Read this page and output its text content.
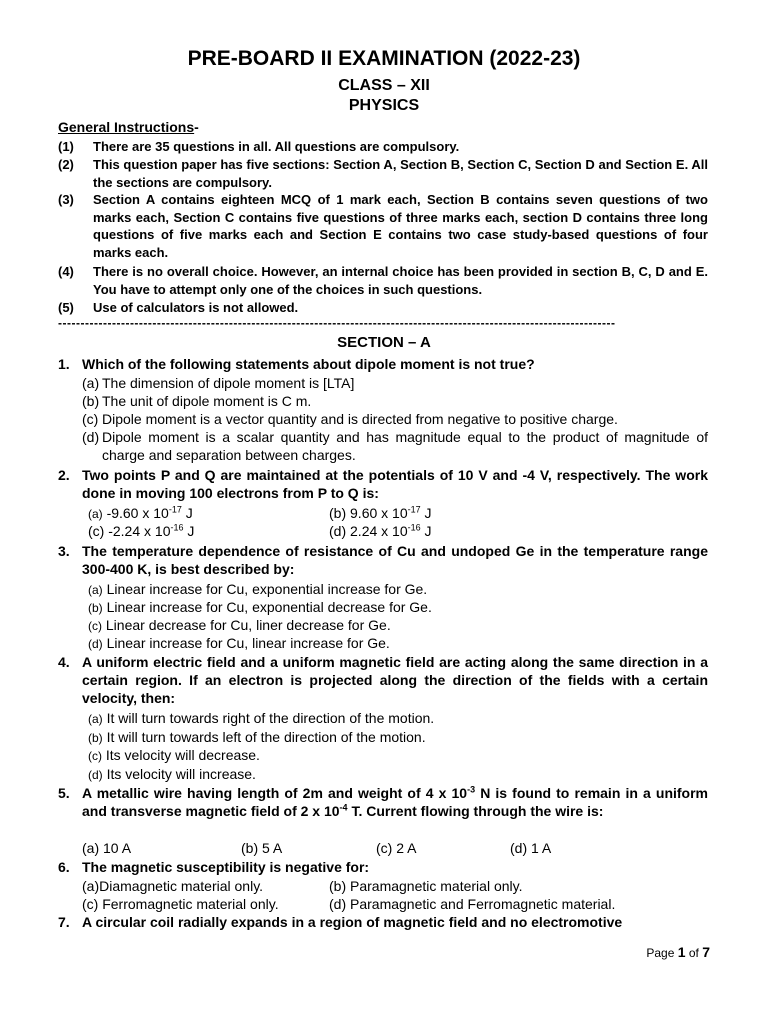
PRE-BOARD II EXAMINATION (2022-23)
CLASS – XII
PHYSICS
General Instructions-
(1) There are 35 questions in all. All questions are compulsory.
(2) This question paper has five sections: Section A, Section B, Section C, Section D and Section E. All the sections are compulsory.
(3) Section A contains eighteen MCQ of 1 mark each, Section B contains seven questions of two marks each, Section C contains five questions of three marks each, section D contains three long questions of five marks each and Section E contains two case study-based questions of four marks each.
(4) There is no overall choice. However, an internal choice has been provided in section B, C, D and E. You have to attempt only one of the choices in such questions.
(5) Use of calculators is not allowed.
----------------------------------------------------------------------------------------------------------------------------
SECTION – A
1. Which of the following statements about dipole moment is not true?
(a) The dimension of dipole moment is [LTA]
(b) The unit of dipole moment is C m.
(c) Dipole moment is a vector quantity and is directed from negative to positive charge.
(d) Dipole moment is a scalar quantity and has magnitude equal to the product of magnitude of charge and separation between charges.
2. Two points P and Q are maintained at the potentials of 10 V and -4 V, respectively. The work done in moving 100 electrons from P to Q is:
(a) -9.60 x $10^{-17}$ J	(b) 9.60 x $10^{-17}$ J
(c) -2.24 x $10^{-16}$ J	(d) 2.24 x $10^{-16}$ J
3. The temperature dependence of resistance of Cu and undoped Ge in the temperature range 300-400 K, is best described by:
(a) Linear increase for Cu, exponential increase for Ge.
(b) Linear increase for Cu, exponential decrease for Ge.
(c) Linear decrease for Cu, liner decrease for Ge.
(d) Linear increase for Cu, linear increase for Ge.
4. A uniform electric field and a uniform magnetic field are acting along the same direction in a certain region. If an electron is projected along the direction of the fields with a certain velocity, then:
(a) It will turn towards right of the direction of the motion.
(b) It will turn towards left of the direction of the motion.
(c) Its velocity will decrease.
(d) Its velocity will increase.
5. A metallic wire having length of 2m and weight of 4 x $10^{-3}$ N is found to remain in a uniform and transverse magnetic field of 2 x $10^{-4}$ T. Current flowing through the wire is:
(a) 10 A	(b) 5 A	(c) 2 A	(d) 1 A
6. The magnetic susceptibility is negative for:
(a)Diamagnetic material only.	(b) Paramagnetic material only.
(c) Ferromagnetic material only.	(d) Paramagnetic and Ferromagnetic material.
7. A circular coil radially expands in a region of magnetic field and no electromotive
Page 1 of 7
